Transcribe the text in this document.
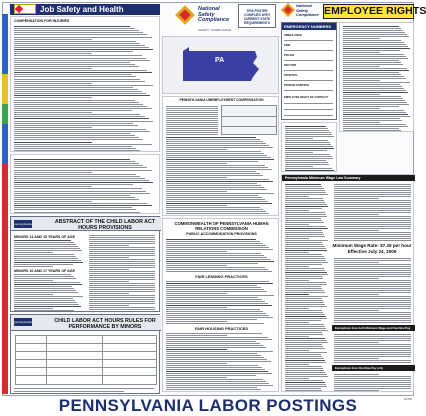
Job Safety and Health
COMPENSATION FOR INJURIES
pennsylvania	ABSTRACT OF THE CHILD LABOR ACT HOURS PROVISIONS
MINORS 14 AND 15 YEARS OF AGE
MINORS 16 AND 17 YEARS OF AGE
pennsylvania	CHILD LABOR ACT HOURS RULES FOR PERFORMANCE BY MINORS
National Safety Compliance
SAFETY COMPLIANCE
THIS POSTER COMPLIES WITH CURRENT STATE REQUIREMENTS
PA
PENNSYLVANIA UNEMPLOYMENT COMPENSATION
COMMONWEALTH OF PENNSYLVANIA HUMAN RELATIONS COMMISSION
PUBLIC ACCOMMODATION PROVISIONS
FAIR LENDING PRACTICES
FAIR HOUSING PRACTICES
National Safety Compliance EMPLOYEE RIGHTS
EMERGENCY NUMBERS
AMBULANCE
FIRE
POLICE
DOCTOR
HOSPITAL
POISON CONTROL
EMPLOYEE RIGHT OF CONTACT
Pennsylvania Minimum Wage Law Summary
Minimum Wage Rate: $7.25 per hour Effective July 24, 2009
Exemptions from both Minimum Wage and Overtime Pay
Exemptions from Overtime Pay only
PENNSYLVANIA LABOR POSTINGS	LP-PA
